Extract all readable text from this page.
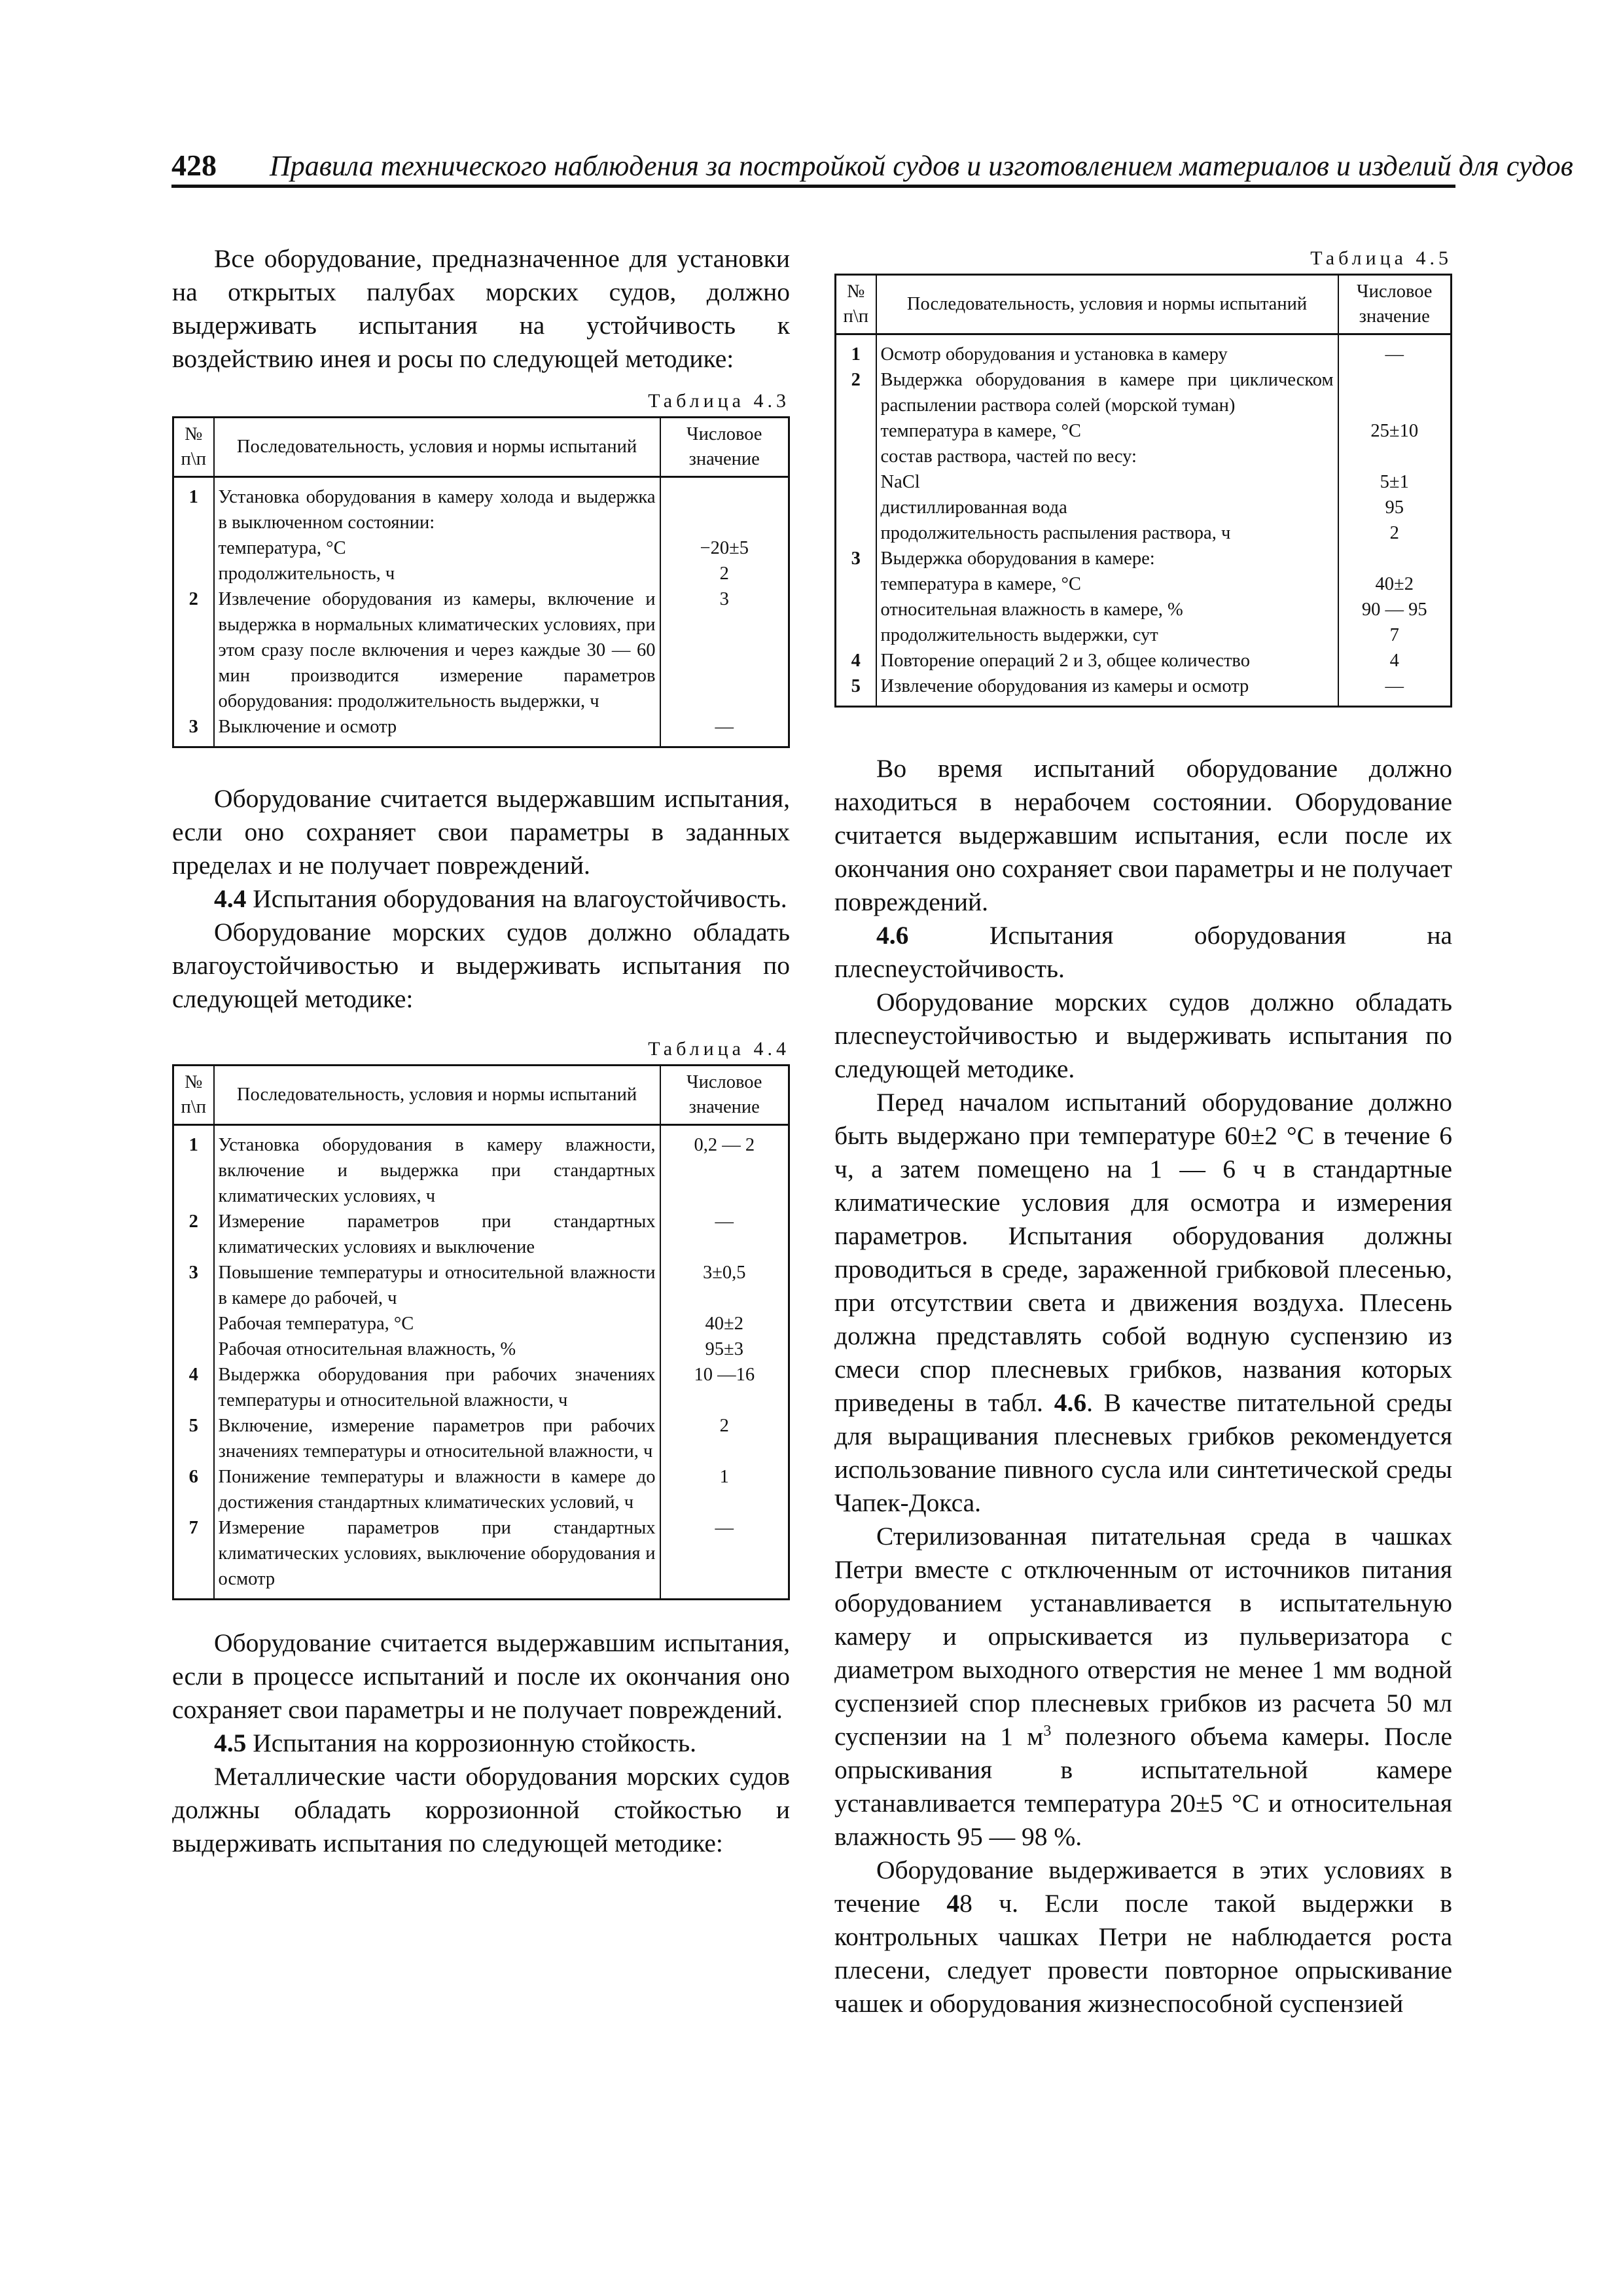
428 Правила технического наблюдения за постройкой судов и изготовлением материалов и изделий для судов

Все оборудование, предназначенное для установки на открытых палубах морских судов, должно выдерживать испытания на устойчивость к воздействию инея и росы по следующей методике:

Таблица 4.3
№ п\п	Последовательность, условия и нормы испытаний	Числовое значение
1	Установка оборудования в камеру холода и выдержка в выключенном состоянии:	
	температура, °С	−20±5
	продолжительность, ч	2
2	Извлечение оборудования из камеры, включение и выдержка в нормальных климатических условиях, при этом сразу после включения и через каждые 30 — 60 мин производится измерение параметров оборудования: продолжительность выдержки, ч	3
3	Выключение и осмотр	—

Оборудование считается выдержавшим испытания, если оно сохраняет свои параметры в заданных пределах и не получает повреждений.

4.4 Испытания оборудования на влагоустойчивость.

Оборудование морских судов должно обладать влагоустойчивостью и выдерживать испытания по следующей методике:

Таблица 4.4
№ п\п	Последовательность, условия и нормы испытаний	Числовое значение
1	Установка оборудования в камеру влажности, включение и выдержка при стандартных климатических условиях, ч	0,2 — 2
2	Измерение параметров при стандартных климатических условиях и выключение	—
3	Повышение температуры и относительной влажности в камере до рабочей, ч	3±0,5
	Рабочая температура, °С	40±2
	Рабочая относительная влажность, %	95±3
4	Выдержка оборудования при рабочих значениях температуры и относительной влажности, ч	10 —16
5	Включение, измерение параметров при рабочих значениях температуры и относительной влажности, ч	2
6	Понижение температуры и влажности в камере до достижения стандартных климатических условий, ч	1
7	Измерение параметров при стандартных климатических условиях, выключение оборудования и осмотр	—

Оборудование считается выдержавшим испытания, если в процессе испытаний и после их окончания оно сохраняет свои параметры и не получает повреждений.

4.5 Испытания на коррозионную стойкость.

Металлические части оборудования морских судов должны обладать коррозионной стойкостью и выдерживать испытания по следующей методике:

Таблица 4.5
№ п\п	Последовательность, условия и нормы испытаний	Числовое значение
1	Осмотр оборудования и установка в камеру	—
2	Выдержка оборудования в камере при циклическом распылении раствора солей (морской туман)	
	температура в камере, °С	25±10
	состав раствора, частей по весу:	
	NaCl	5±1
	дистиллированная вода	95
	продолжительность распыления раствора, ч	2
3	Выдержка оборудования в камере:	
	температура в камере, °С	40±2
	относительная влажность в камере, %	90 — 95
	продолжительность выдержки, сут	7
4	Повторение операций 2 и 3, общее количество	4
5	Извлечение оборудования из камеры и осмотр	—

Во время испытаний оборудование должно находиться в нерабочем состоянии. Оборудование считается выдержавшим испытания, если после их окончания оно сохраняет свои параметры и не получает повреждений.

4.6	Испытания оборудования на плесneустойчивость.

Оборудование морских судов должно обладать плесneустойчивостью и выдерживать испытания по следующей методике.

Перед началом испытаний оборудование должно быть выдержано при температуре 60±2 °С в течение 6 ч, а затем помещено на 1 — 6 ч в стандартные климатические условия для осмотра и измерения параметров. Испытания оборудования должны проводиться в среде, зараженной грибковой плесенью, при отсутствии света и движения воздуха. Плесень должна представлять собой водную суспензию из смеси спор плесневых грибков, названия которых приведены в табл. 4.6. В качестве питательной среды для выращивания плесневых грибков рекомендуется использование пивного сусла или синтетической среды Чапек-Докса.

Стерилизованная питательная среда в чашках Петри вместе с отключенным от источников питания оборудованием устанавливается в испытательную камеру и опрыскивается из пульверизатора с диаметром выходного отверстия не менее 1 мм водной суспензией спор плесневых грибков из расчета 50 мл суспензии на 1 $м^3$ полезного объема камеры. После опрыскивания в испытательной камере устанавливается температура 20±5 °С и относительная влажность 95 — 98 %.

Оборудование выдерживается в этих условиях в течение 48 ч. Если после такой выдержки в контрольных чашках Петри не наблюдается роста плесени, следует провести повторное опрыскивание чашек и оборудования жизнеспособной суспензией
